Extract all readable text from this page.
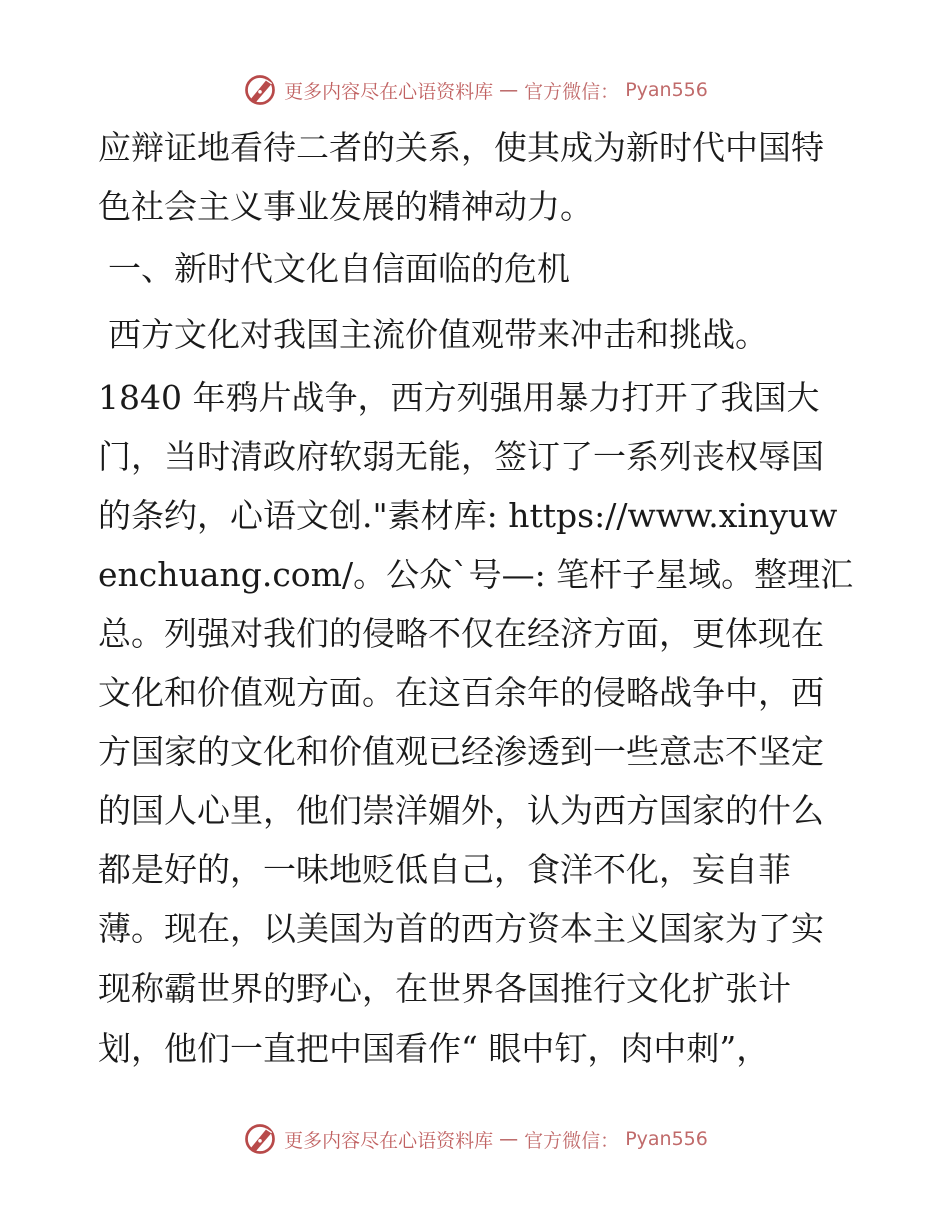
更多内容尽在心语资料库 — 官方微信： Pyan556
应辩证地看待二者的关系，使其成为新时代中国特
色社会主义事业发展的精神动力。
一、新时代文化自信面临的危机
西方文化对我国主流价值观带来冲击和挑战。
1840 年鸦片战争，西方列强用暴力打开了我国大
门，当时清政府软弱无能，签订了一系列丧权辱国
的条约，心语文创."素材库: https://www.xinyuw
enchuang.com/。公众`号—: 笔杆子星域。整理汇
总。列强对我们的侵略不仅在经济方面，更体现在
文化和价值观方面。在这百余年的侵略战争中，西
方国家的文化和价值观已经渗透到一些意志不坚定
的国人心里，他们崇洋媚外，认为西方国家的什么
都是好的，一味地贬低自己，食洋不化，妄自菲
薄。现在，以美国为首的西方资本主义国家为了实
现称霸世界的野心，在世界各国推行文化扩张计
划，他们一直把中国看作“ 眼中钉，肉中刺”，
更多内容尽在心语资料库 — 官方微信： Pyan556
